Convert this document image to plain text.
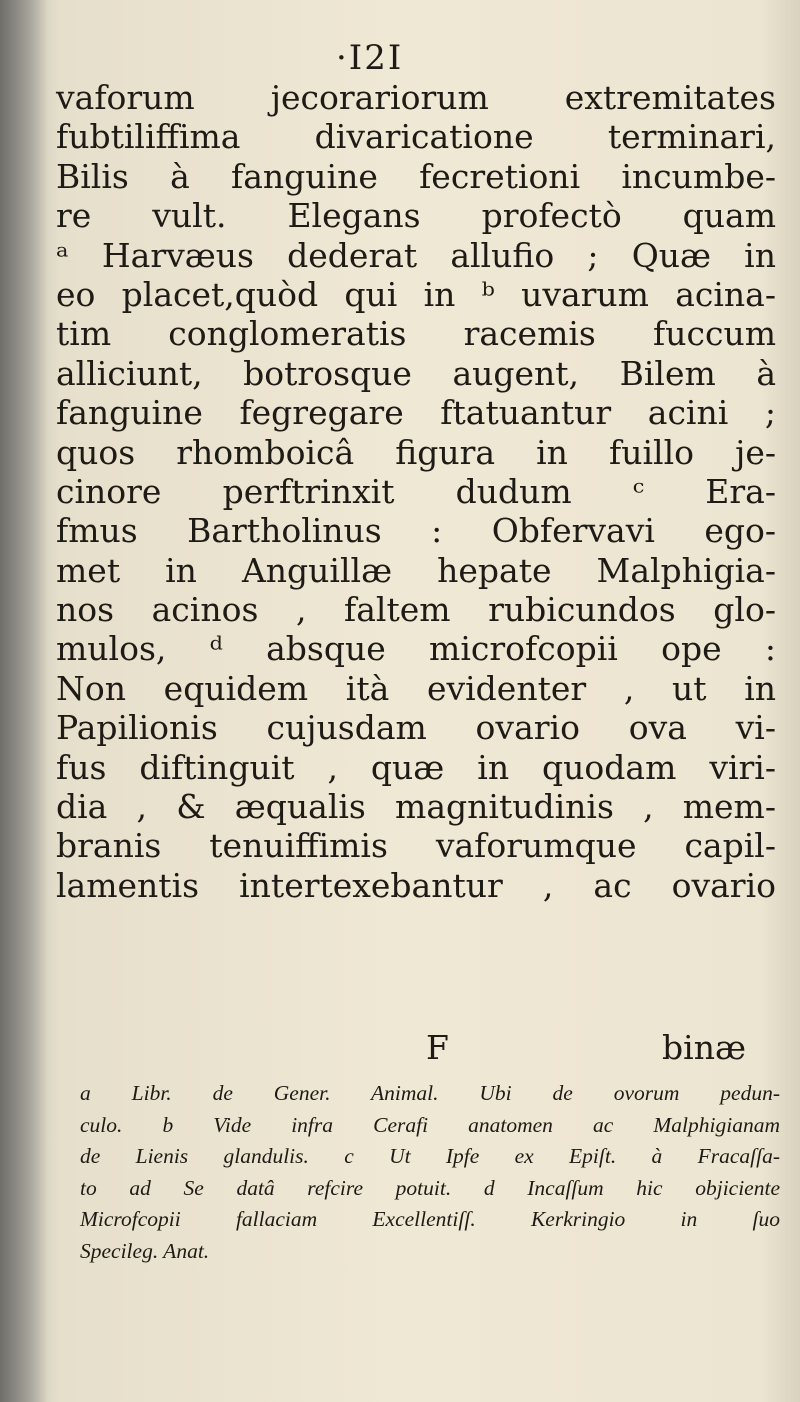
·I2I
vaforum jecorariorum extremitates
fubtiliffima divaricatione terminari,
Bilis à fanguine fecretioni incumbe-
re vult. Elegans profectò quam
ᵃ Harvæus dederat allufio ; Quæ in
eo placet,quòd qui in ᵇ uvarum acina-
tim conglomeratis racemis fuccum
alliciunt, botrosque augent, Bilem à
fanguine fegregare ftatuantur acini ;
quos rhomboicâ figura in fuillo je-
cinore perftrinxit dudum ᶜ Era-
fmus Bartholinus : Obfervavi ego-
met in Anguillæ hepate Malphigia-
nos acinos , faltem rubicundos glo-
mulos, ᵈ absque microfcopii ope :
Non equidem ità evidenter , ut in
Papilionis cujusdam ovario ova vi-
fus diftinguit , quæ in quodam viri-
dia , & æqualis magnitudinis , mem-
branis tenuiffimis vaforumque capil-
lamentis intertexebantur , ac ovario
F	binæ
a Libr. de Gener. Animal. Ubi de ovorum pedun-
culo. b Vide infra Cerafi anatomen ac Malphigianam
de Lienis glandulis. c Ut Ipfe ex Epiſt. à Fracaſſa-
to ad Se datâ refcire potuit. d Incaſſum hic objiciente
Microfcopii fallaciam Excellentiſſ. Kerkringio in ſuo
Specileg. Anat.
